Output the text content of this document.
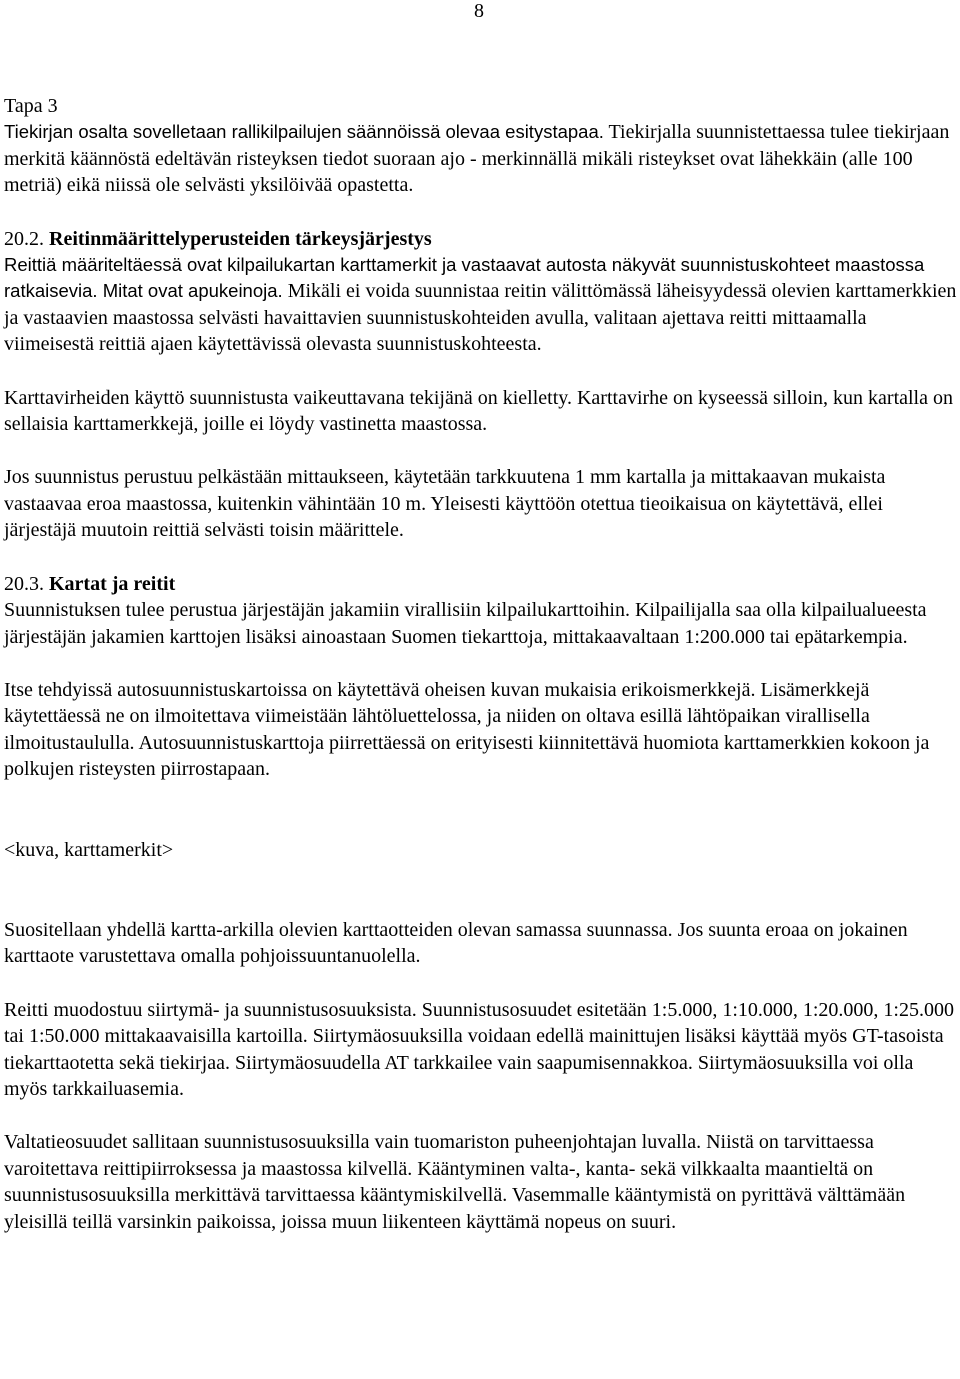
8

Tapa 3
Tiekirjan osalta sovelletaan rallikilpailujen säännöissä olevaa esitystapaa. Tiekirjalla suunnistettaessa tulee tiekirjaan merkitä käännöstä edeltävän risteyksen tiedot suoraan ajo - merkinnällä mikäli risteykset ovat lähekkäin (alle 100 metriä) eikä niissä ole selvästi yksilöivää opastetta.

20.2. Reitinmäärittelyperusteiden tärkeysjärjestys
Reittiä määriteltäessä ovat kilpailukartan karttamerkit ja vastaavat autosta näkyvät suunnistuskohteet maastossa ratkaisevia. Mitat ovat apukeinoja. Mikäli ei voida suunnistaa reitin välittömässä läheisyydessä olevien karttamerkkien ja vastaavien maastossa selvästi havaittavien suunnistuskohteiden avulla, valitaan ajettava reitti mittaamalla viimeisestä reittiä ajaen käytettävissä olevasta suunnistuskohteesta.

Karttavirheiden käyttö suunnistusta vaikeuttavana tekijänä on kielletty. Karttavirhe on kyseessä silloin, kun kartalla on sellaisia karttamerkkejä, joille ei löydy vastinetta maastossa.

Jos suunnistus perustuu pelkästään mittaukseen, käytetään tarkkuutena 1 mm kartalla ja mittakaavan mukaista vastaavaa eroa maastossa, kuitenkin vähintään 10 m. Yleisesti käyttöön otettua tieoikaisua on käytettävä, ellei järjestäjä muutoin reittiä selvästi toisin määrittele.

20.3. Kartat ja reitit
Suunnistuksen tulee perustua järjestäjän jakamiin virallisiin kilpailukarttoihin. Kilpailijalla saa olla kilpailualueesta järjestäjän jakamien karttojen lisäksi ainoastaan Suomen tiekarttoja, mittakaavaltaan 1:200.000 tai epätarkempia.

Itse tehdyissä autosuunnistuskartoissa on käytettävä oheisen kuvan mukaisia erikoismerkkejä. Lisämerkkejä käytettäessä ne on ilmoitettava viimeistään lähtöluettelossa, ja niiden on oltava esillä lähtöpaikan virallisella ilmoitustaululla. Autosuunnistuskarttoja piirrettäessä on erityisesti kiinnitettävä huomiota karttamerkkien kokoon ja polkujen risteysten piirrostapaan.

<kuva, karttamerkit>

Suositellaan yhdellä kartta-arkilla olevien karttaotteiden olevan samassa suunnassa. Jos suunta eroaa on jokainen karttaote varustettava omalla pohjoissuuntanuolella.

Reitti muodostuu siirtymä- ja suunnistusosuuksista. Suunnistusosuudet esitetään 1:5.000, 1:10.000, 1:20.000, 1:25.000 tai 1:50.000 mittakaavaisilla kartoilla. Siirtymäosuuksilla voidaan edellä mainittujen lisäksi käyttää myös GT-tasoista tiekarttaotetta sekä tiekirjaa. Siirtymäosuudella AT tarkkailee vain saapumisennakkoa. Siirtymäosuuksilla voi olla myös tarkkailuasemia.

Valtatieosuudet sallitaan suunnistusosuuksilla vain tuomariston puheenjohtajan luvalla. Niistä on tarvittaessa varoitettava reittipiirroksessa ja maastossa kilvellä. Kääntyminen valta-, kanta- sekä vilkkaalta maantieltä on suunnistusosuuksilla merkittävä tarvittaessa kääntymiskilvellä. Vasemmalle kääntymistä on pyrittävä välttämään yleisillä teillä varsinkin paikoissa, joissa muun liikenteen käyttämä nopeus on suuri.
